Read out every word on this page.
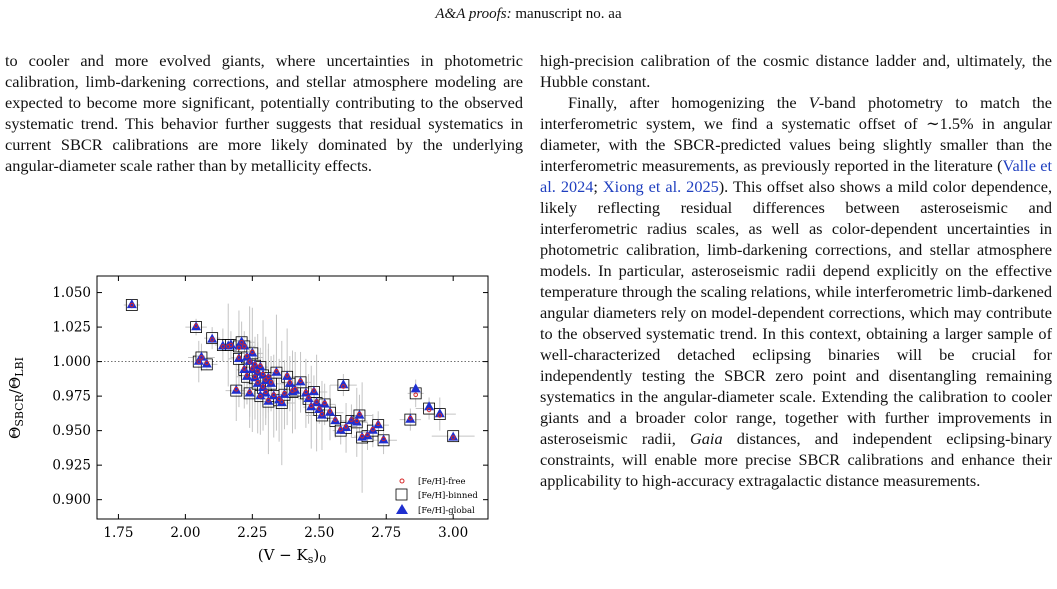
A&A proofs: manuscript no. aa

to cooler and more evolved giants, where uncertainties in photometric calibration, limb-darkening corrections, and stellar atmosphere modeling are expected to become more significant, potentially contributing to the observed systematic trend. This behavior further suggests that residual systematics in current SBCR calibrations are more likely dominated by the underlying angular-diameter scale rather than by metallicity effects.

1.75	2.00	2.25	2.50	2.75	3.00
0.900
0.925
0.950
0.975
1.000
1.025
1.050
$(V - K_s)_0$
$\Theta_{SBCR}/\Theta_{LBI}$
[Fe/H]-free
[Fe/H]-binned
[Fe/H]-global

high-precision calibration of the cosmic distance ladder and, ultimately, the Hubble constant.

Finally, after homogenizing the V-band photometry to match the interferometric system, we find a systematic offset of ∼1.5% in angular diameter, with the SBCR-predicted values being slightly smaller than the interferometric measurements, as previously reported in the literature (Valle et al. 2024; Xiong et al. 2025). This offset also shows a mild color dependence, likely reflecting residual differences between asteroseismic and interferometric radius scales, as well as color-dependent uncertainties in photometric calibration, limb-darkening corrections, and stellar atmosphere models. In particular, asteroseismic radii depend explicitly on the effective temperature through the scaling relations, while interferometric limb-darkened angular diameters rely on model-dependent corrections, which may contribute to the observed systematic trend. In this context, obtaining a larger sample of well-characterized detached eclipsing binaries will be crucial for independently testing the SBCR zero point and disentangling remaining systematics in the angular-diameter scale. Extending the calibration to cooler giants and a broader color range, together with further improvements in asteroseismic radii, Gaia distances, and independent eclipsing-binary constraints, will enable more precise SBCR calibrations and enhance their applicability to high-accuracy extragalactic distance measurements.
